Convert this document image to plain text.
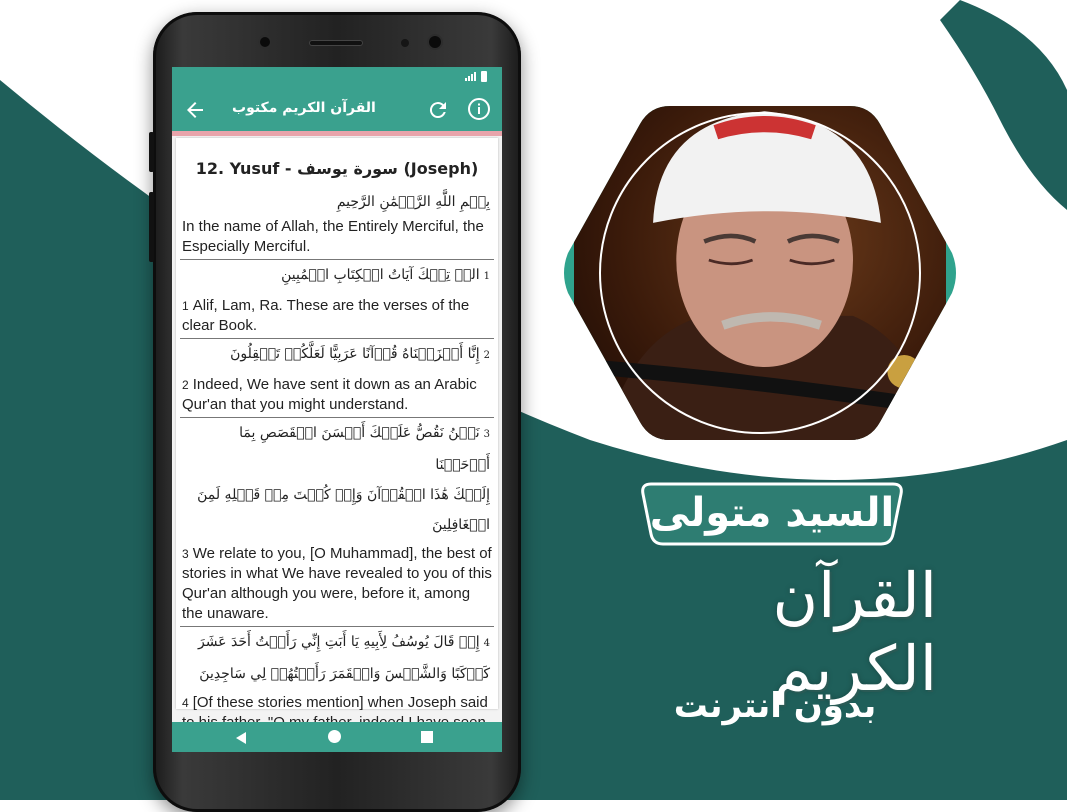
القرآن الكريم مكتوب
12. Yusuf - سورة يوسف (Joseph)
بِسۡمِ اللَّهِ الرَّحۡمَٰنِ الرَّحِيمِ
In the name of Allah, the Entirely Merciful, the Especially Merciful.
1الرۚ تِلۡكَ آيَاتُ الۡكِتَابِ الۡمُبِينِ
1 Alif, Lam, Ra. These are the verses of the clear Book.
2إِنَّا أَنۡزَلۡنَاهُ قُرۡآنًا عَرَبِيًّا لَعَلَّكُمۡ تَعۡقِلُونَ
2 Indeed, We have sent it down as an Arabic Qur'an that you might understand.
3نَحۡنُ نَقُصُّ عَلَيۡكَ أَحۡسَنَ الۡقَصَصِ بِمَا أَوۡحَيۡنَا
إِلَيۡكَ هَٰذَا الۡقُرۡآنَ وَإِنۡ كُنۡتَ مِنۡ قَبۡلِهِ لَمِنَ الۡغَافِلِينَ
3 We relate to you, [O Muhammad], the best of stories in what We have revealed to you of this Qur'an although you were, before it, among the unaware.
4إِذۡ قَالَ يُوسُفُ لِأَبِيهِ يَا أَبَتِ إِنِّي رَأَيۡتُ أَحَدَ عَشَرَ
كَوۡكَبًا وَالشَّمۡسَ وَالۡقَمَرَ رَأَيۡتُهُمۡ لِي سَاجِدِينَ
4 [Of these stories mention] when Joseph said
السيد متولى
القرآن الكريم
بدون انترنت
